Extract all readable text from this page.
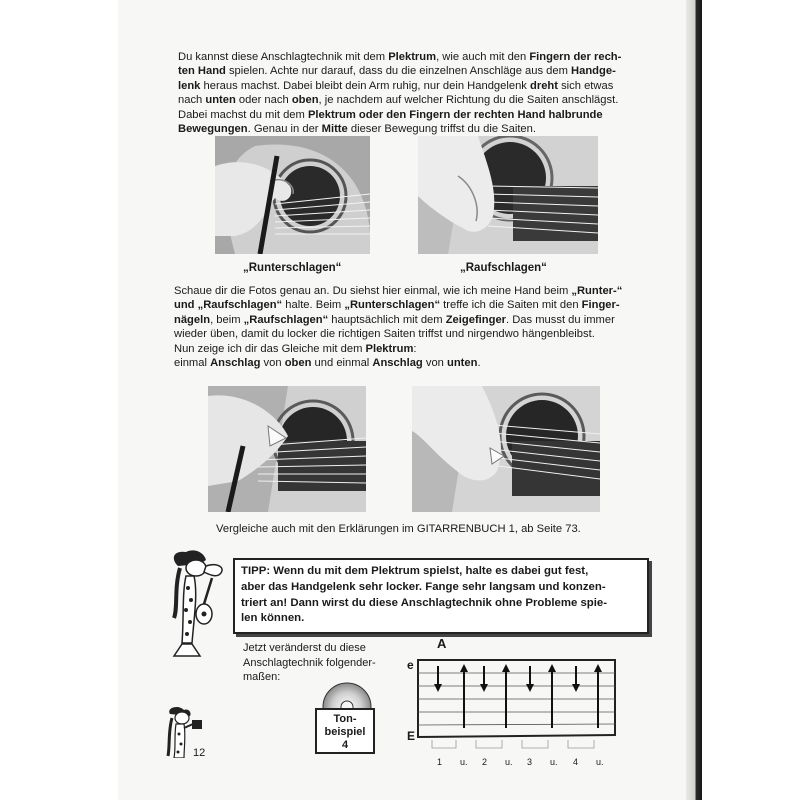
Du kannst diese Anschlagtechnik mit dem Plektrum, wie auch mit den Fingern der rech-
ten Hand spielen. Achte nur darauf, dass du die einzelnen Anschläge aus dem Handge-
lenk heraus machst. Dabei bleibt dein Arm ruhig, nur dein Handgelenk dreht sich etwas
nach unten oder nach oben, je nachdem auf welcher Richtung du die Saiten anschlägst.
Dabei machst du mit dem Plektrum oder den Fingern der rechten Hand halbrunde
Bewegungen. Genau in der Mitte dieser Bewegung triffst du die Saiten.
„Runterschlagen“	„Raufschlagen“
Schaue dir die Fotos genau an. Du siehst hier einmal, wie ich meine Hand beim „Runter-“
und „Raufschlagen“ halte. Beim „Runterschlagen“ treffe ich die Saiten mit den Finger-
nägeln, beim „Raufschlagen“ hauptsächlich mit dem Zeigefinger. Das musst du immer
wieder üben, damit du locker die richtigen Saiten triffst und nirgendwo hängenbleibst.
Nun zeige ich dir das Gleiche mit dem Plektrum:
einmal Anschlag von oben und einmal Anschlag von unten.
Vergleiche auch mit den Erklärungen im GITARRENBUCH 1, ab Seite 73.
TIPP: Wenn du mit dem Plektrum spielst, halte es dabei gut fest,
aber das Handgelenk sehr locker. Fange sehr langsam und konzen-
triert an! Dann wirst du diese Anschlagtechnik ohne Probleme spie-
len können.
Jetzt veränderst du diese
Anschlagtechnik folgender-
maßen:
Ton-
beispiel
4
12
A
e
E
1 u. 2 u. 3 u. 4 u.
